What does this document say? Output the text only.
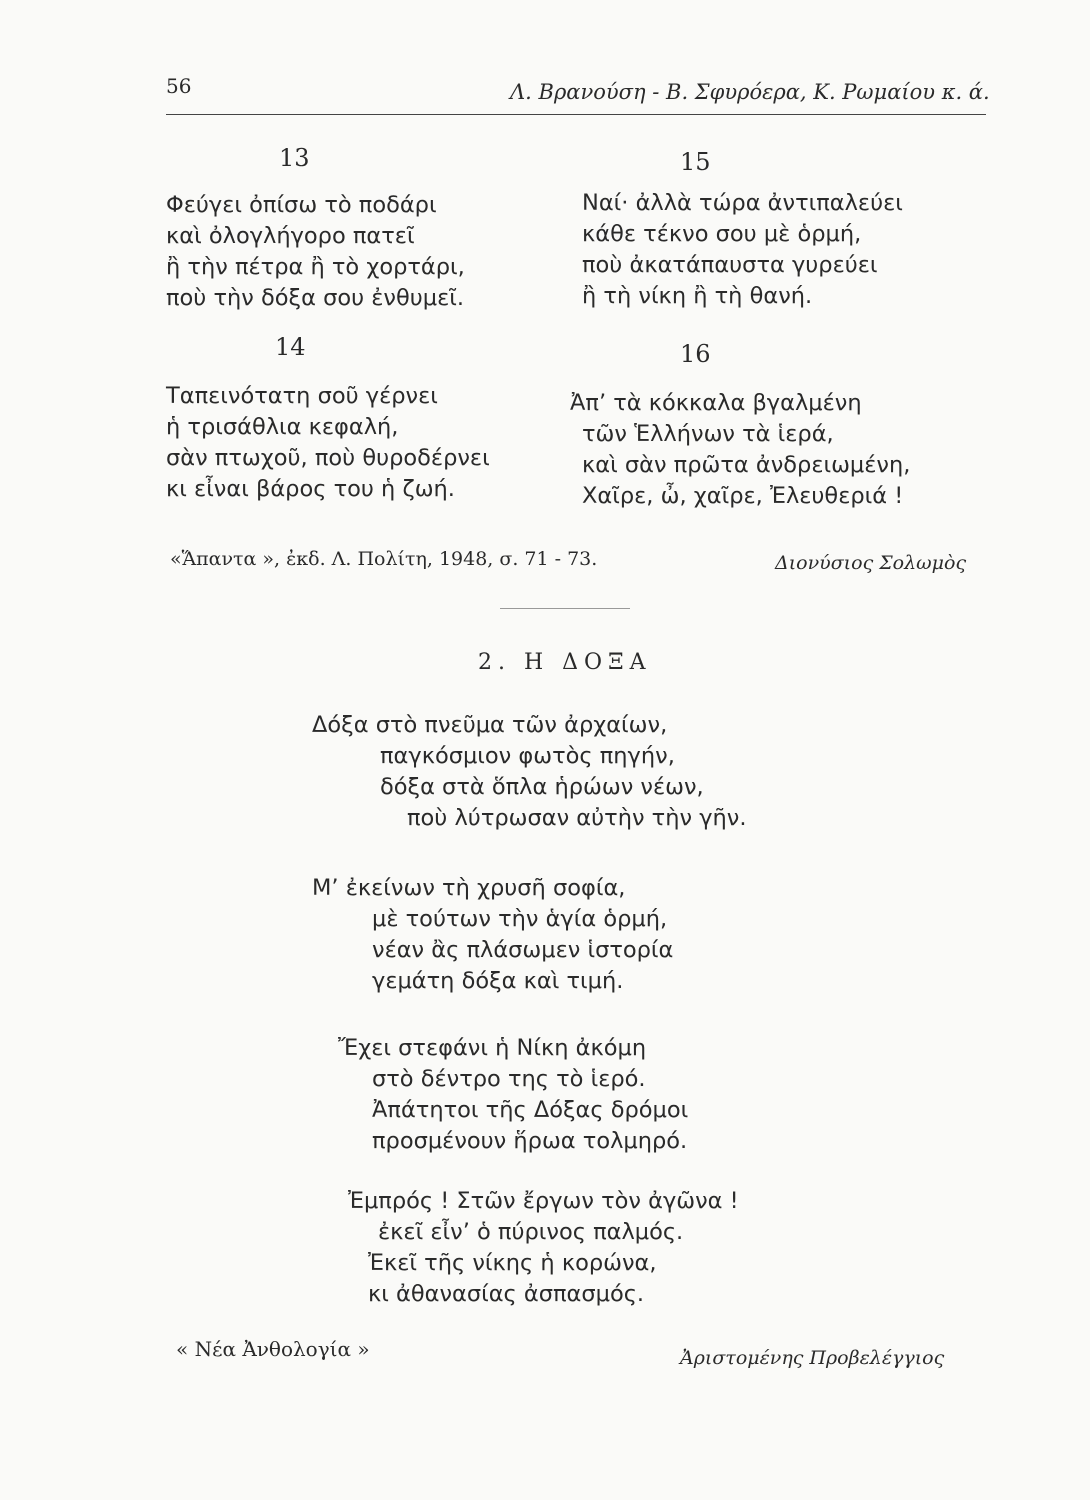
56	Λ. Βρανούση - Β. Σφυρόερα, Κ. Ρωμαίου κ. ά.
13
Φεύγει ὀπίσω τὸ ποδάρι
καὶ ὀλογλήγορο πατεῖ
ἢ τὴν πέτρα ἢ τὸ χορτάρι,
ποὺ τὴν δόξα σου ἐνθυμεῖ.
14
Ταπεινότατη σοῦ γέρνει
ἡ τρισάθλια κεφαλή,
σὰν πτωχοῦ, ποὺ θυροδέρνει
κι εἶναι βάρος του ἡ ζωή.
15
Ναί· ἀλλὰ τώρα ἀντιπαλεύει
κάθε τέκνο σου μὲ ὁρμή,
ποὺ ἀκατάπαυστα γυρεύει
ἢ τὴ νίκη ἢ τὴ θανή.
16
Ἀπ’ τὰ κόκκαλα βγαλμένη
τῶν Ἑλλήνων τὰ ἱερά,
καὶ σὰν πρῶτα ἀνδρειωμένη,
Χαῖρε, ὦ, χαῖρε, Ἐλευθεριά !
«Ἅπαντα », ἐκδ. Λ. Πολίτη, 1948, σ. 71 - 73.	Διονύσιος Σολωμὸς
2. Η ΔΟΞΑ
Δόξα στὸ πνεῦμα τῶν ἀρχαίων,
παγκόσμιον φωτὸς πηγήν,
δόξα στὰ ὅπλα ἡρώων νέων,
ποὺ λύτρωσαν αὐτὴν τὴν γῆν.
Μ’ ἐκείνων τὴ χρυσῆ σοφία,
μὲ τούτων τὴν ἁγία ὁρμή,
νέαν ἂς πλάσωμεν ἱστορία
γεμάτη δόξα καὶ τιμή.
Ἔχει στεφάνι ἡ Νίκη ἀκόμη
στὸ δέντρο της τὸ ἱερό.
Ἀπάτητοι τῆς Δόξας δρόμοι
προσμένουν ἥρωα τολμηρό.
Ἐμπρός ! Στῶν ἔργων τὸν ἀγῶνα !
ἐκεῖ εἶν’ ὁ πύρινος παλμός.
Ἐκεῖ τῆς νίκης ἡ κορώνα,
κι ἀθανασίας ἀσπασμός.
« Νέα Ἀνθολογία »	Ἀριστομένης Προβελέγγιος
